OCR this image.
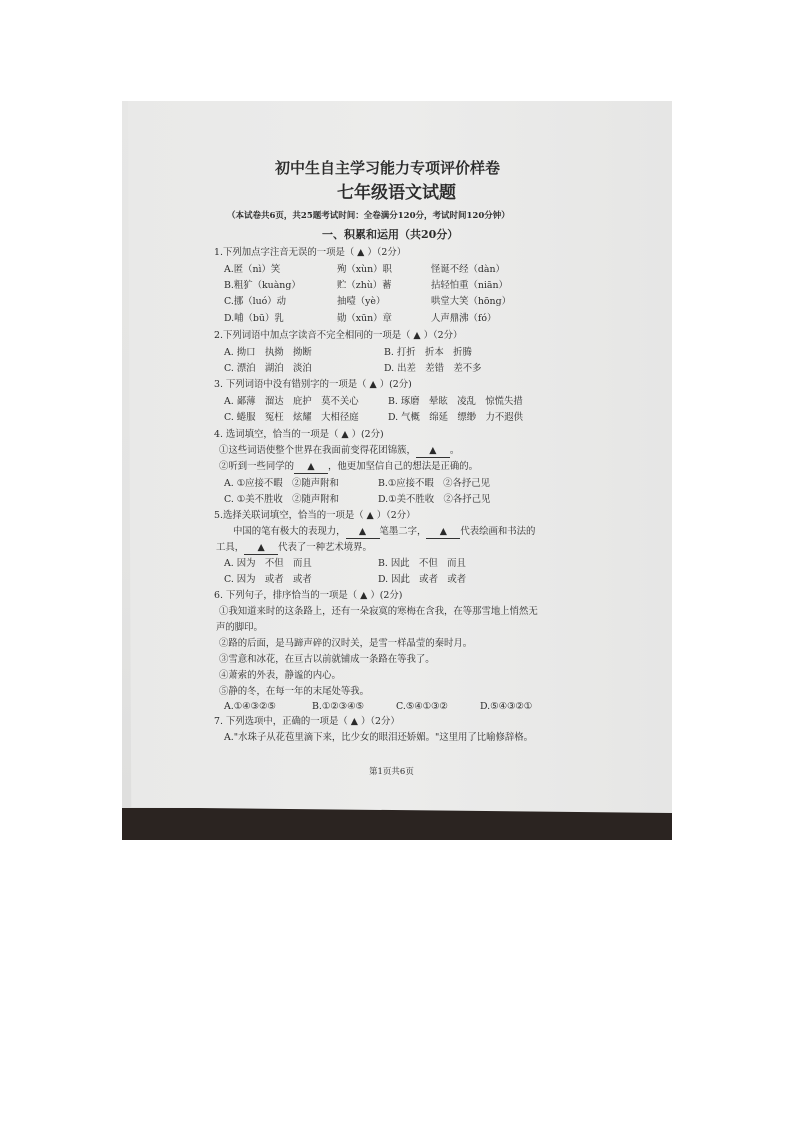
初中生自主学习能力专项评价样卷
七年级语文试题
（本试卷共6页，共25题考试时间：全卷满分120分，考试时间120分钟）
一、积累和运用（共20分）
1.下列加点字注音无误的一项是（ ▲ ）（2分）
A.匿（nì）笑	殉（xùn）职	怪诞不经（dàn）
B.粗犷（kuàng）	贮（zhù）蓄	拈轻怕重（niān）
C.挪（luó）动	抽噎（yè）	哄堂大笑（hōng）
D.哺（bū）乳	勋（xūn）章	人声鼎沸（fó）
2.下列词语中加点字读音不完全相同的一项是（ ▲ ）（2分）
A. 拗口　执拗　拗断	B. 打折　折本　折腾
C. 漂泊　湖泊　淡泊	D. 出差　差错　差不多
3. 下列词语中没有错别字的一项是（ ▲ ）(2分)
A. 鄙薄　溜达　庇护　莫不关心	B. 琢磨　晕眩　凌乱　惊慌失措
C. 蜷服　冤枉　炫耀　大相径庭	D. 气概　绵延　缥缈　力不遐供
4. 选词填空，恰当的一项是（ ▲ ）(2分)
①这些词语使整个世界在我面前变得花团锦簇， ▲ 。
②听到一些同学的 ▲ ，他更加坚信自己的想法是正确的。
A. ①应接不暇　②随声附和	B.①应接不暇　②各抒己见
C. ①美不胜收　②随声附和	D.①美不胜收　②各抒己见
5.选择关联词填空，恰当的一项是（ ▲ ）（2分）
中国的笔有极大的表现力， ▲ 笔墨二字， ▲ 代表绘画和书法的
工具， ▲ 代表了一种艺术境界。
A. 因为　不但　而且	B. 因此　不但　而且
C. 因为　或者　或者	D. 因此　或者　或者
6. 下列句子，排序恰当的一项是（ ▲ ）(2分)
①我知道来时的这条路上，还有一朵寂寞的寒梅在含我，在等那雪地上悄然无
声的脚印。
②路的后面，是马蹄声碎的汉时关，是雪一样晶莹的秦时月。
③雪意和冰花，在亘古以前就铺成一条路在等我了。
④萧索的外表，静谧的内心。
⑤静的冬，在每一年的末尾处等我。
A.①④③②⑤	B.①②③④⑤	C.⑤④①③②	D.⑤④③②①
7. 下列选项中，正确的一项是（ ▲ ）（2分）
A."水珠子从花苞里滴下来，比少女的眼泪还娇媚。"这里用了比喻修辞格。
第1页共6页
